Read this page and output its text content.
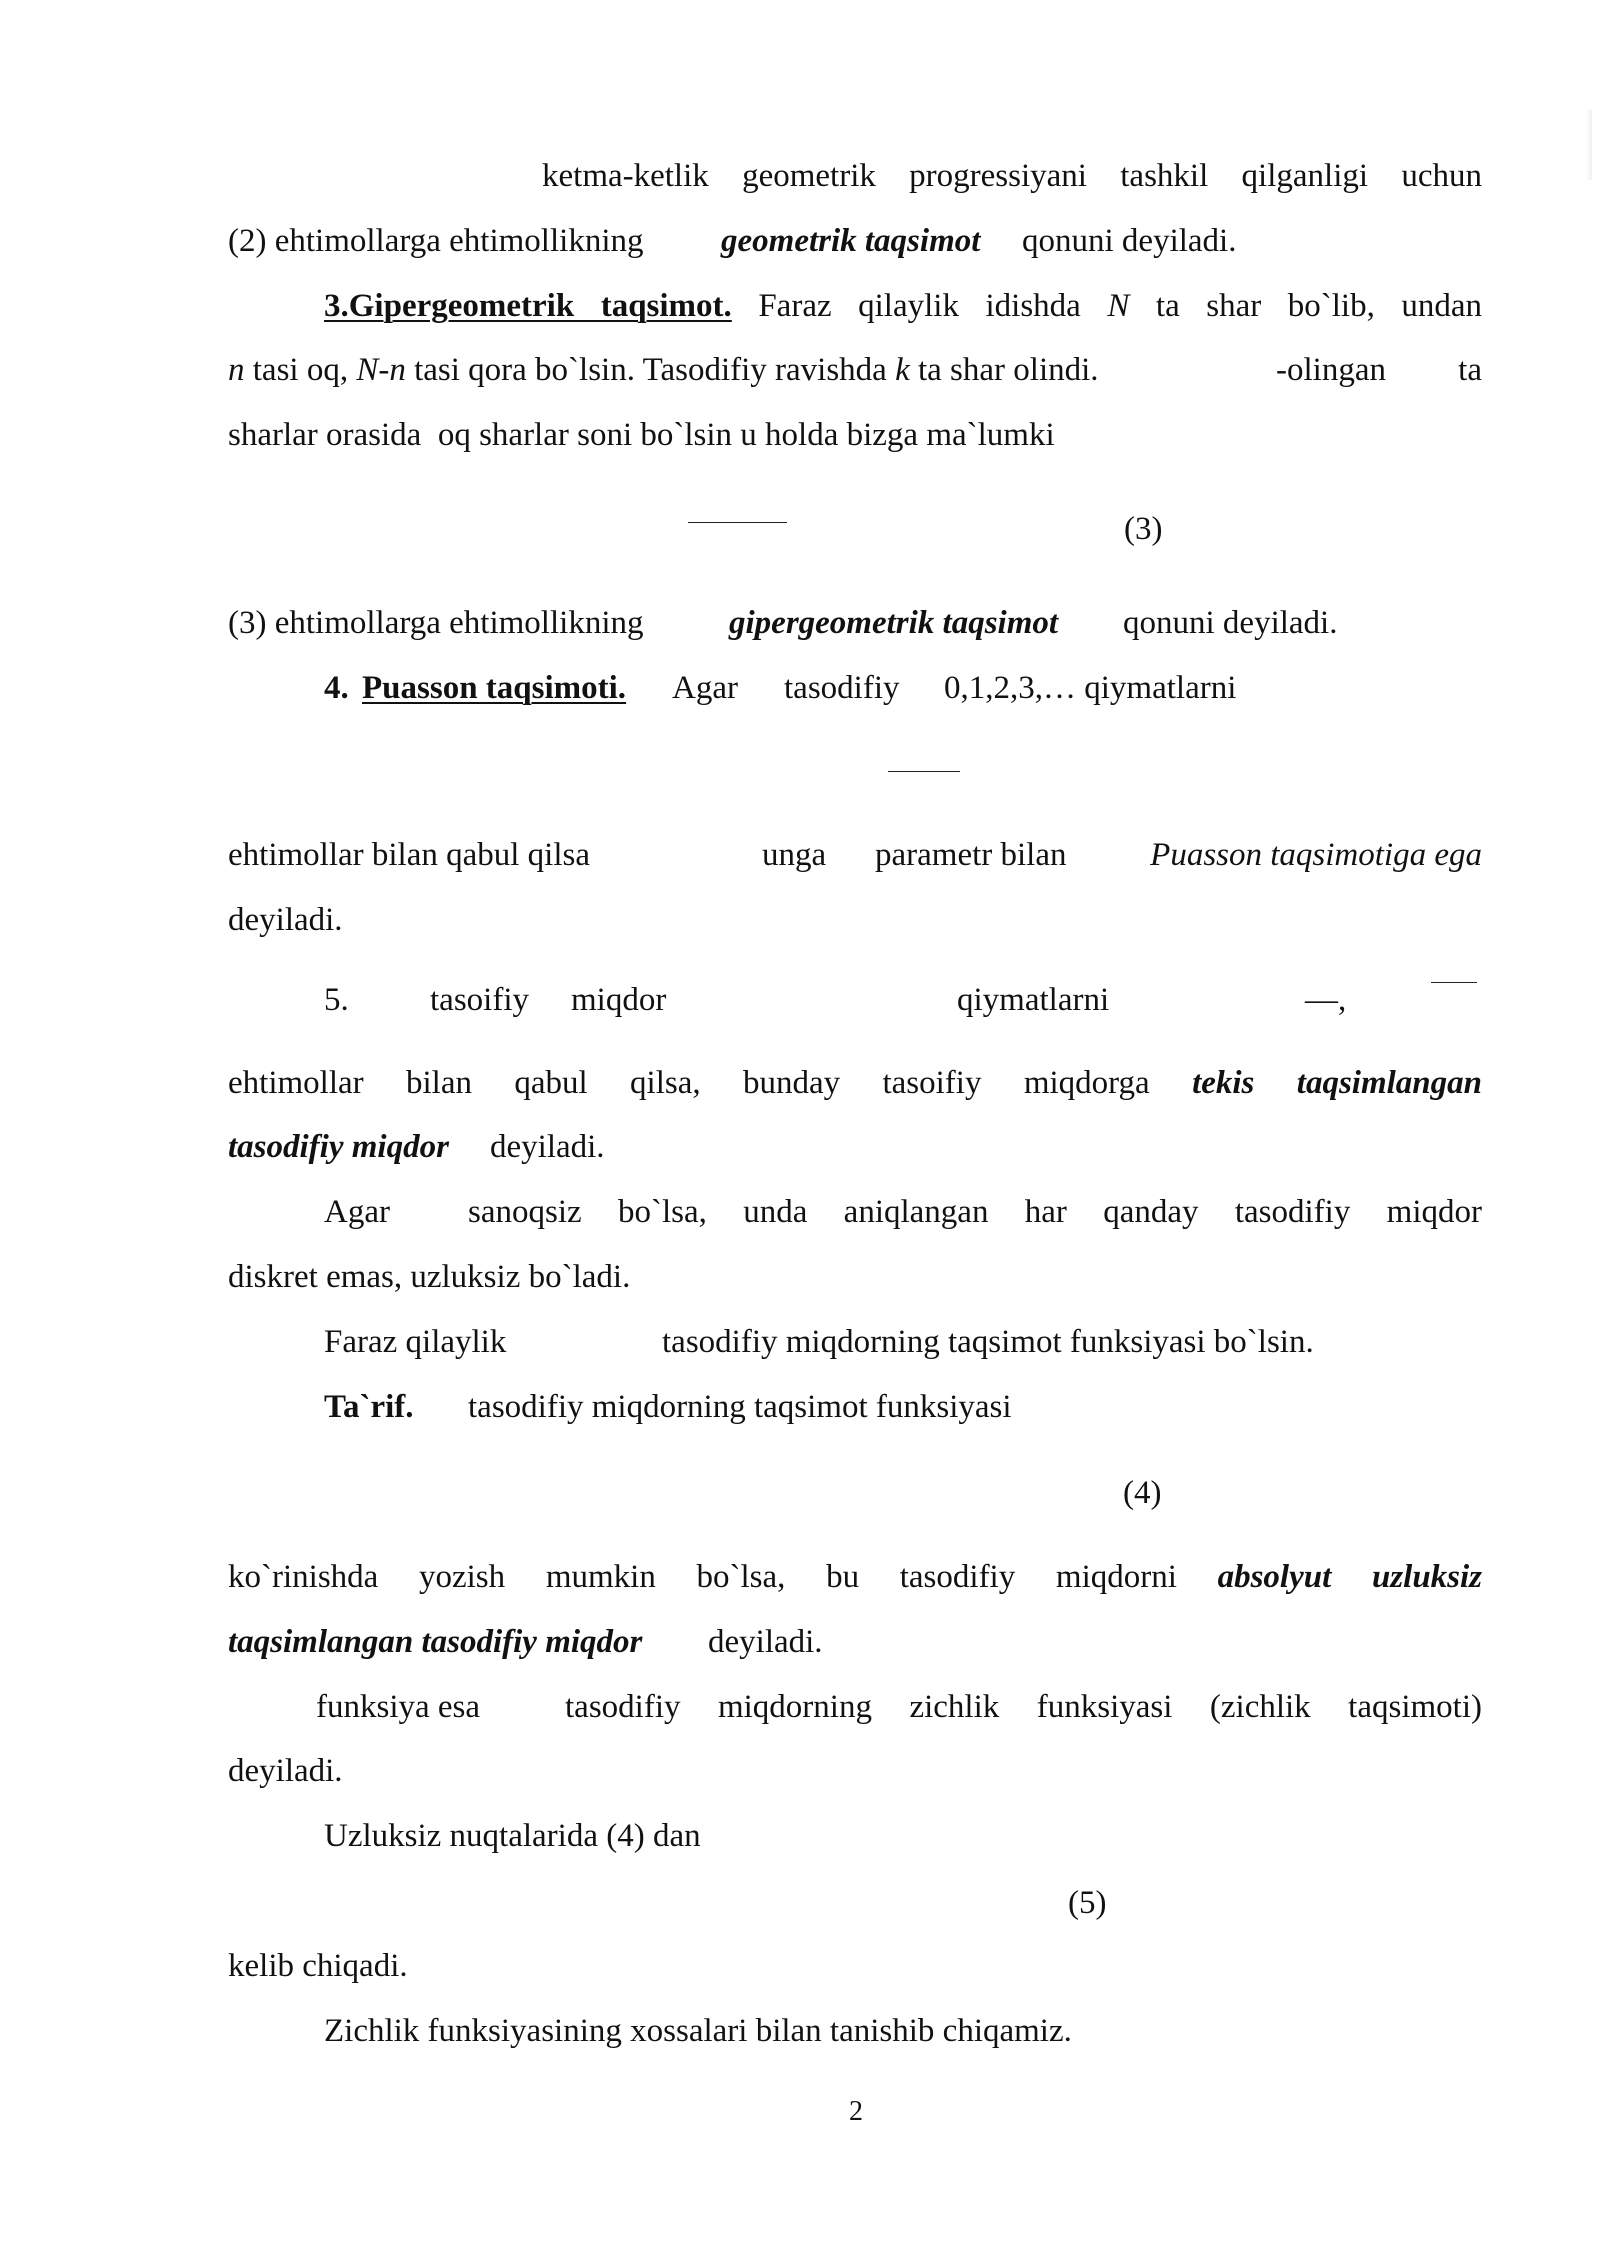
ketma-ketlik geometrik progressiyani tashkil qilganligi uchun
(2) ehtimollarga ehtimollikning geometrik taqsimot qonuni deyiladi.
3.Gipergeometrik taqsimot. Faraz qilaylik idishda N ta shar bo`lib, undan
n tasi oq, N-n tasi qora bo`lsin. Tasodifiy ravishda k ta shar olindi.	-olingan ta
sharlar orasida  oq sharlar soni bo`lsin u holda bizga ma`lumki
(3)
(3) ehtimollarga ehtimollikning	gipergeometrik taqsimot qonuni deyiladi.
4. Puasson taqsimoti. Agar tasodifiy 0,1,2,3,… qiymatlarni
ehtimollar bilan qabul qilsa	unga parametr bilan	Puasson taqsimotiga ega
deyiladi.
5. tasoifiy miqdor	qiymatlarni	—,
ehtimollar bilan qabul qilsa, bunday tasoifiy miqdorga tekis taqsimlangan
tasodifiy miqdor deyiladi.
Agar sanoqsiz bo`lsa, unda aniqlangan har qanday tasodifiy miqdor
diskret emas, uzluksiz bo`ladi.
Faraz qilaylik	tasodifiy miqdorning taqsimot funksiyasi bo`lsin.
Ta`rif. tasodifiy miqdorning taqsimot funksiyasi
(4)
ko`rinishda yozish mumkin bo`lsa, bu tasodifiy miqdorni absolyut uzluksiz
taqsimlangan tasodifiy miqdor deyiladi.
funksiya esa	tasodifiy miqdorning zichlik funksiyasi (zichlik taqsimoti)
deyiladi.
Uzluksiz nuqtalarida (4) dan
(5)
kelib chiqadi.
Zichlik funksiyasining xossalari bilan tanishib chiqamiz.
2
